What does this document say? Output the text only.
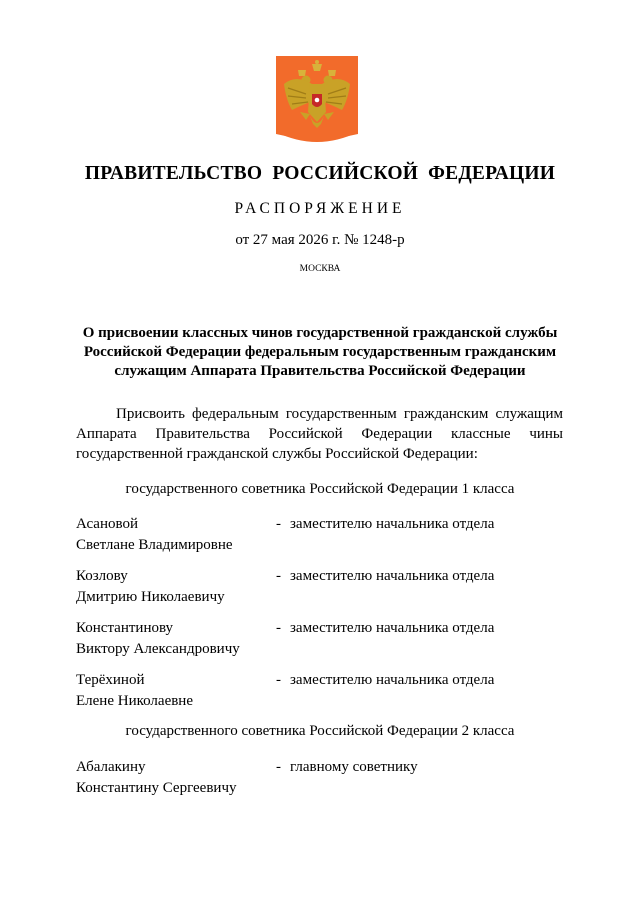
ПРАВИТЕЛЬСТВО РОССИЙСКОЙ ФЕДЕРАЦИИ
РАСПОРЯЖЕНИЕ
от 27 мая 2026 г. № 1248-р
МОСКВА
О присвоении классных чинов государственной гражданской службы Российской Федерации федеральным государственным гражданским служащим Аппарата Правительства Российской Федерации
Присвоить федеральным государственным гражданским служащим Аппарата Правительства Российской Федерации классные чины государственной гражданской службы Российской Федерации:
государственного советника Российской Федерации 1 класса
Асановой
Светлане Владимировне
- заместителю начальника отдела
Козлову
Дмитрию Николаевичу
- заместителю начальника отдела
Константинову
Виктору Александровичу
- заместителю начальника отдела
Терёхиной
Елене Николаевне
- заместителю начальника отдела
государственного советника Российской Федерации 2 класса
Абалакину
Константину Сергеевичу
- главному советнику
